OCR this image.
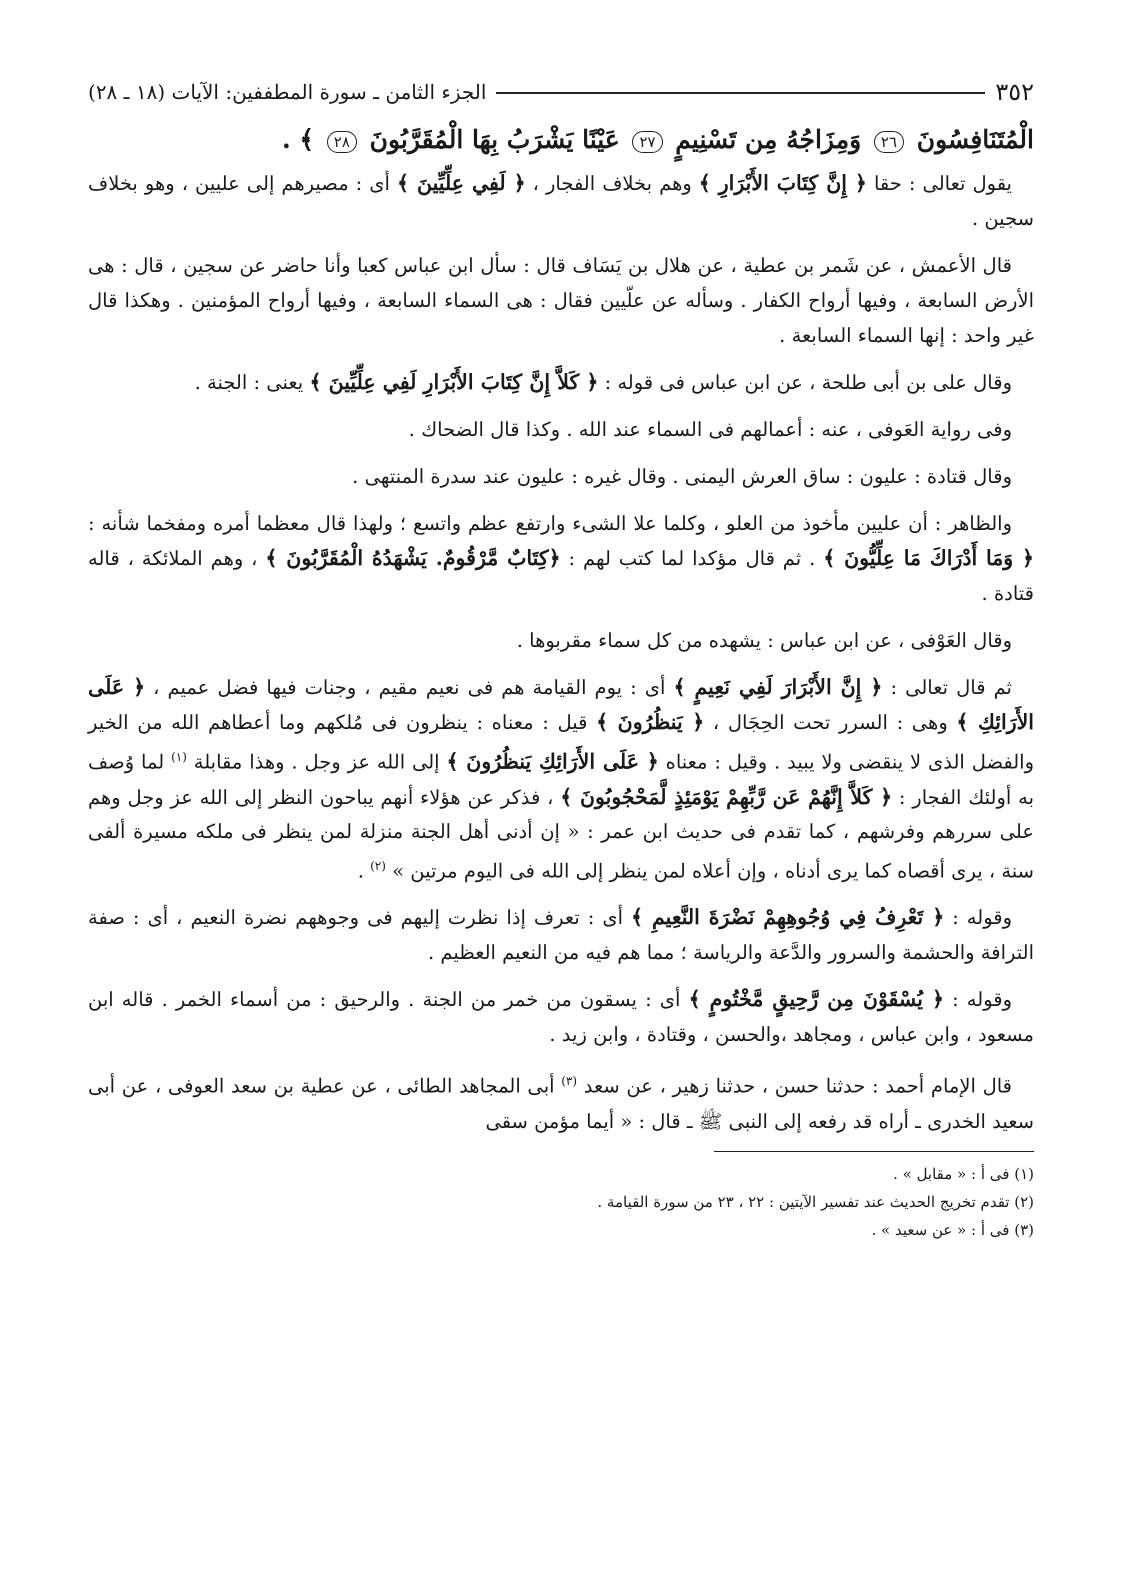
٣٥٢
الجزء الثامن ـ سورة المطففين: الآيات (١٨ ـ ٢٨)
الْمُتَنَافِسُونَ ٢٦ وَمِزَاجُهُ مِن تَسْنِيمٍ ٢٧ عَيْنًا يَشْرَبُ بِهَا الْمُقَرَّبُونَ ٢٨ ﴾ .

يقول تعالى : حقا ﴿ إِنَّ كِتَابَ الأَبْرَارِ ﴾ وهم بخلاف الفجار ، ﴿ لَفِي عِلِّيِّينَ ﴾ أى : مصيرهم إلى عليين ، وهو بخلاف سجين .

قال الأعمش ، عن شَمر بن عطية ، عن هلال بن يَسَاف قال : سأل ابن عباس كعبا وأنا حاضر عن سجين ، قال : هى الأرض السابعة ، وفيها أرواح الكفار . وسأله عن علّيين فقال : هى السماء السابعة ، وفيها أرواح المؤمنين . وهكذا قال غير واحد : إنها السماء السابعة .

وقال على بن أبى طلحة ، عن ابن عباس فى قوله : ﴿ كَلاَّ إِنَّ كِتَابَ الأَبْرَارِ لَفِي عِلِّيِّينَ ﴾ يعنى : الجنة .

وفى رواية العَوفى ، عنه : أعمالهم فى السماء عند الله . وكذا قال الضحاك .

وقال قتادة : عليون : ساق العرش اليمنى . وقال غيره : عليون عند سدرة المنتهى .

والظاهر : أن عليين مأخوذ من العلو ، وكلما علا الشىء وارتفع عظم واتسع ؛ ولهذا قال معظما أمره ومفخما شأنه : ﴿ وَمَا أَدْرَاكَ مَا عِلِّيُّونَ ﴾ . ثم قال مؤكدا لما كتب لهم : ﴿كِتَابٌ مَّرْقُومٌ. يَشْهَدُهُ الْمُقَرَّبُونَ ﴾ ، وهم الملائكة ، قاله قتادة .

وقال العَوْفى ، عن ابن عباس : يشهده من كل سماء مقربوها .

ثم قال تعالى : ﴿ إِنَّ الأَبْرَارَ لَفِي نَعِيمٍ ﴾ أى : يوم القيامة هم فى نعيم مقيم ، وجنات فيها فضل عميم ، ﴿ عَلَى الأَرَائِكِ ﴾ وهى : السرر تحت الحِجَال ، ﴿ يَنظُرُونَ ﴾ قيل : معناه : ينظرون فى مُلكهم وما أعطاهم الله من الخير والفضل الذى لا ينقضى ولا يبيد . وقيل : معناه ﴿ عَلَى الأَرَائِكِ يَنظُرُونَ ﴾ إلى الله عز وجل . وهذا مقابلة $^{(١)}$ لما وُصف به أولئك الفجار : ﴿ كَلاَّ إِنَّهُمْ عَن رَّبِّهِمْ يَوْمَئِذٍ لَّمَحْجُوبُونَ ﴾ ، فذكر عن هؤلاء أنهم يباحون النظر إلى الله عز وجل وهم على سررهم وفرشهم ، كما تقدم فى حديث ابن عمر : « إن أدنى أهل الجنة منزلة لمن ينظر فى ملكه مسيرة ألفى سنة ، يرى أقصاه كما يرى أدناه ، وإن أعلاه لمن ينظر إلى الله فى اليوم مرتين » $^{(٢)}$ .

وقوله : ﴿ تَعْرِفُ فِي وُجُوهِهِمْ نَضْرَةَ النَّعِيمِ ﴾ أى : تعرف إذا نظرت إليهم فى وجوههم نضرة النعيم ، أى : صفة الترافة والحشمة والسرور والدَّعة والرياسة ؛ مما هم فيه من النعيم العظيم .

وقوله : ﴿ يُسْقَوْنَ مِن رَّحِيقٍ مَّخْتُومٍ ﴾ أى : يسقون من خمر من الجنة . والرحيق : من أسماء الخمر . قاله ابن مسعود ، وابن عباس ، ومجاهد ،والحسن ، وقتادة ، وابن زيد .

قال الإمام أحمد : حدثنا حسن ، حدثنا زهير ، عن سعد $^{(٣)}$ أبى المجاهد الطائى ، عن عطية بن سعد العوفى ، عن أبى سعيد الخدرى ـ أراه قد رفعه إلى النبى ﷺ ـ قال : « أيما مؤمن سقى

(١) فى أ : « مقابل » .

(٢) تقدم تخريج الحديث عند تفسير الآيتين : ٢٢ ، ٢٣ من سورة القيامة .

(٣) فى أ : « عن سعيد » .
